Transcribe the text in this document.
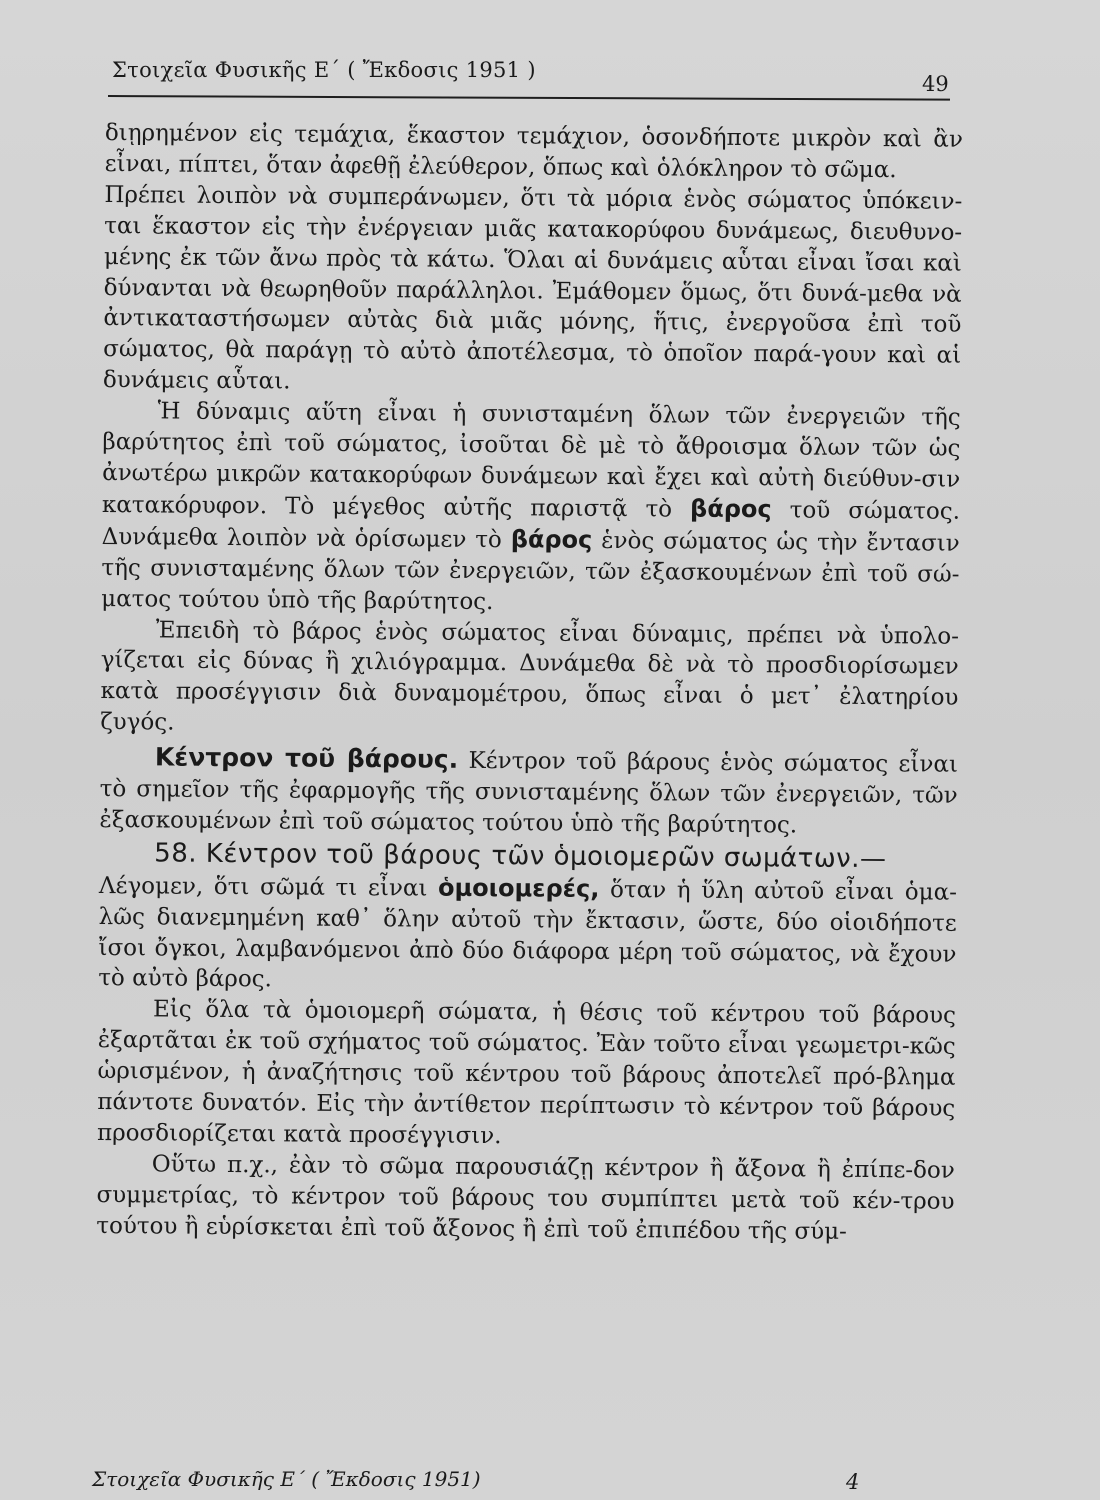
Στοιχεῖα Φυσικῆς Ε΄ ( Ἔκδοσις 1951 )
49

διῃρημένον εἰς τεμάχια, ἕκαστον τεμάχιον, ὁσονδήποτε μικρὸν καὶ ἂν εἶναι, πίπτει, ὅταν ἀφεθῇ ἐλεύθερον, ὅπως καὶ ὁλόκληρον τὸ σῶμα.

Πρέπει λοιπὸν νὰ συμπεράνωμεν, ὅτι τὰ μόρια ἑνὸς σώματος ὑπόκειν-ται ἕκαστον εἰς τὴν ἐνέργειαν μιᾶς κατακορύφου δυνάμεως, διευθυνο-μένης ἐκ τῶν ἄνω πρὸς τὰ κάτω. Ὅλαι αἱ δυνάμεις αὗται εἶναι ἴσαι καὶ δύνανται νὰ θεωρηθοῦν παράλληλοι. Ἐμάθομεν ὅμως, ὅτι δυνά-μεθα νὰ ἀντικαταστήσωμεν αὐτὰς διὰ μιᾶς μόνης, ἥτις, ἐνεργοῦσα ἐπὶ τοῦ σώματος, θὰ παράγῃ τὸ αὐτὸ ἀποτέλεσμα, τὸ ὁποῖον παρά-γουν καὶ αἱ δυνάμεις αὗται.

Ἡ δύναμις αὕτη εἶναι ἡ συνισταμένη ὅλων τῶν ἐνεργειῶν τῆς βαρύτητος ἐπὶ τοῦ σώματος, ἰσοῦται δὲ μὲ τὸ ἄθροισμα ὅλων τῶν ὡς ἀνωτέρω μικρῶν κατακορύφων δυνάμεων καὶ ἔχει καὶ αὐτὴ διεύθυν-σιν κατακόρυφον. Τὸ μέγεθος αὐτῆς παριστᾷ τὸ βάρος τοῦ σώματος. Δυνάμεθα λοιπὸν νὰ ὁρίσωμεν τὸ βάρος ἑνὸς σώματος ὡς τὴν ἔντασιν τῆς συνισταμένης ὅλων τῶν ἐνεργειῶν, τῶν ἐξασκουμένων ἐπὶ τοῦ σώ-ματος τούτου ὑπὸ τῆς βαρύτητος.

Ἐπειδὴ τὸ βάρος ἑνὸς σώματος εἶναι δύναμις, πρέπει νὰ ὑπολο-γίζεται εἰς δύνας ἢ χιλιόγραμμα. Δυνάμεθα δὲ νὰ τὸ προσδιορίσωμεν κατὰ προσέγγισιν διὰ δυναμομέτρου, ὅπως εἶναι ὁ μετ᾿ ἐλατηρίου ζυγός.

Κέντρον τοῦ βάρους. Κέντρον τοῦ βάρους ἑνὸς σώματος εἶναι τὸ σημεῖον τῆς ἐφαρμογῆς τῆς συνισταμένης ὅλων τῶν ἐνεργειῶν, τῶν ἐξασκουμένων ἐπὶ τοῦ σώματος τούτου ὑπὸ τῆς βαρύτητος.

58. Κέντρον τοῦ βάρους τῶν ὁμοιομερῶν σωμάτων.—

Λέγομεν, ὅτι σῶμά τι εἶναι ὁμοιομερές, ὅταν ἡ ὕλη αὐτοῦ εἶναι ὁμα-λῶς διανεμημένη καθ᾿ ὅλην αὐτοῦ τὴν ἔκτασιν, ὥστε, δύο οἱοιδήποτε ἴσοι ὄγκοι, λαμβανόμενοι ἀπὸ δύο διάφορα μέρη τοῦ σώματος, νὰ ἔχουν τὸ αὐτὸ βάρος.

Εἰς ὅλα τὰ ὁμοιομερῆ σώματα, ἡ θέσις τοῦ κέντρου τοῦ βάρους ἐξαρτᾶται ἐκ τοῦ σχήματος τοῦ σώματος. Ἐὰν τοῦτο εἶναι γεωμετρι-κῶς ὡρισμένον, ἡ ἀναζήτησις τοῦ κέντρου τοῦ βάρους ἀποτελεῖ πρό-βλημα πάντοτε δυνατόν. Εἰς τὴν ἀντίθετον περίπτωσιν τὸ κέντρον τοῦ βάρους προσδιορίζεται κατὰ προσέγγισιν.

Οὕτω π.χ., ἐὰν τὸ σῶμα παρουσιάζῃ κέντρον ἢ ἄξονα ἢ ἐπίπε-δον συμμετρίας, τὸ κέντρον τοῦ βάρους του συμπίπτει μετὰ τοῦ κέν-τρου τούτου ἢ εὑρίσκεται ἐπὶ τοῦ ἄξονος ἢ ἐπὶ τοῦ ἐπιπέδου τῆς σύμ-

Στοιχεῖα Φυσικῆς Ε΄ ( Ἔκδοσις 1951)	4
